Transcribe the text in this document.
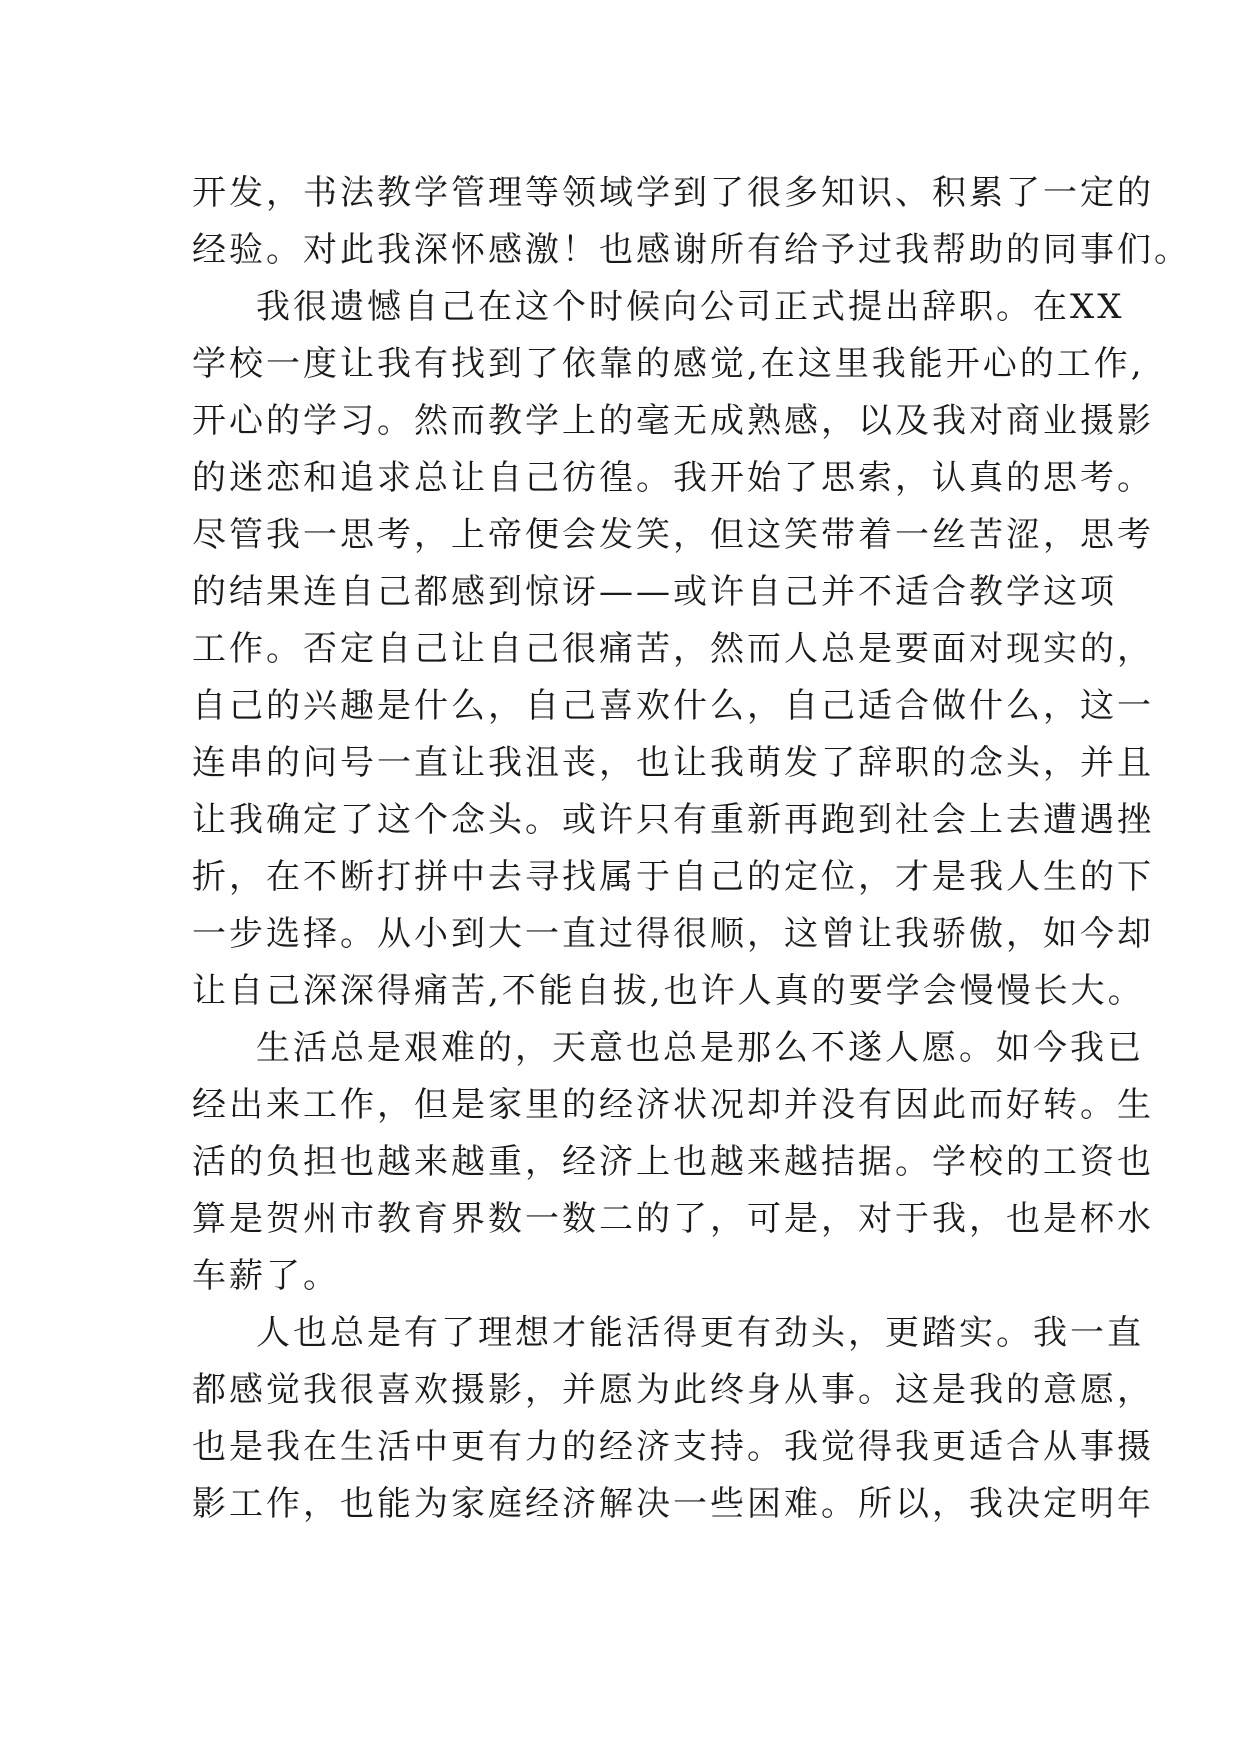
开发，书法教学管理等领域学到了很多知识、积累了一定的
经验。对此我深怀感激！也感谢所有给予过我帮助的同事们。
我很遗憾自己在这个时候向公司正式提出辞职。在XX
学校一度让我有找到了依靠的感觉,在这里我能开心的工作,
开心的学习。然而教学上的毫无成熟感，以及我对商业摄影
的迷恋和追求总让自己彷徨。我开始了思索，认真的思考。
尽管我一思考，上帝便会发笑，但这笑带着一丝苦涩，思考
的结果连自己都感到惊讶——或许自己并不适合教学这项
工作。否定自己让自己很痛苦，然而人总是要面对现实的，
自己的兴趣是什么，自己喜欢什么，自己适合做什么，这一
连串的问号一直让我沮丧，也让我萌发了辞职的念头，并且
让我确定了这个念头。或许只有重新再跑到社会上去遭遇挫
折，在不断打拼中去寻找属于自己的定位，才是我人生的下
一步选择。从小到大一直过得很顺，这曾让我骄傲，如今却
让自己深深得痛苦,不能自拔,也许人真的要学会慢慢长大。
生活总是艰难的，天意也总是那么不遂人愿。如今我已
经出来工作，但是家里的经济状况却并没有因此而好转。生
活的负担也越来越重，经济上也越来越拮据。学校的工资也
算是贺州市教育界数一数二的了，可是，对于我，也是杯水
车薪了。
人也总是有了理想才能活得更有劲头，更踏实。我一直
都感觉我很喜欢摄影，并愿为此终身从事。这是我的意愿，
也是我在生活中更有力的经济支持。我觉得我更适合从事摄
影工作，也能为家庭经济解决一些困难。所以，我决定明年
